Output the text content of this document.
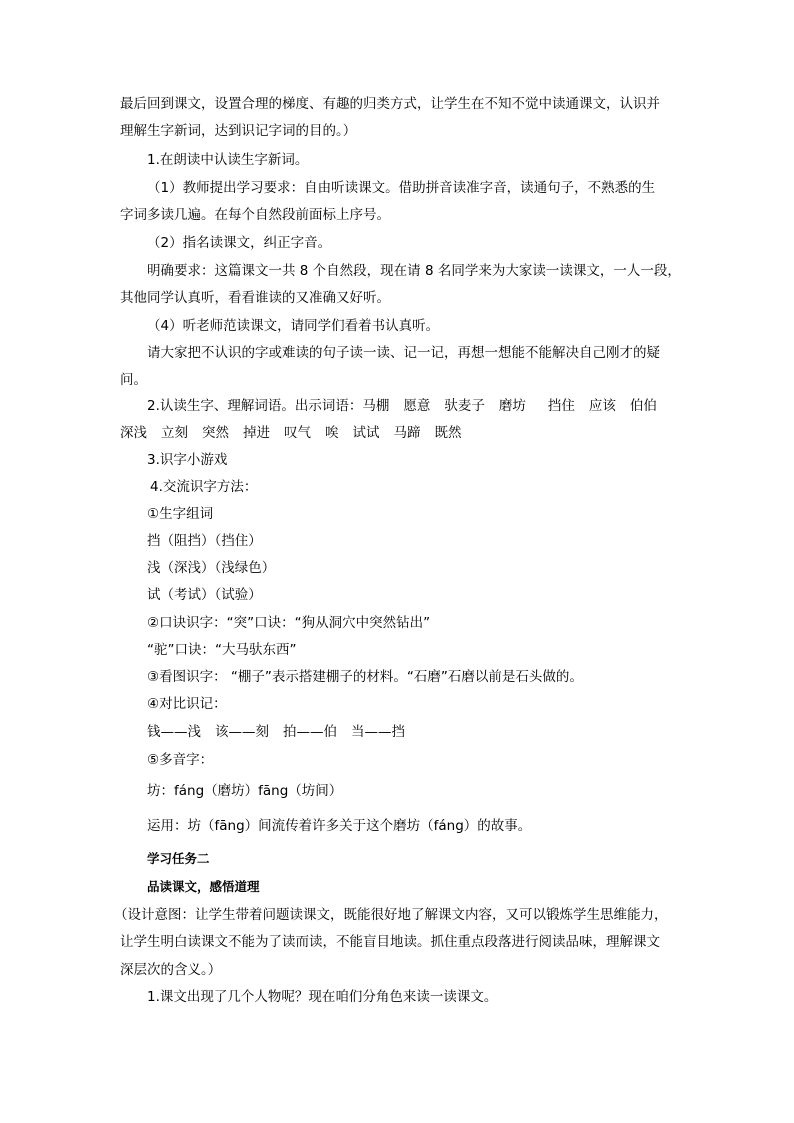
最后回到课文，设置合理的梯度、有趣的归类方式，让学生在不知不觉中读通课文，认识并
理解生字新词，达到识记字词的目的。）
1.在朗读中认读生字新词。
（1）教师提出学习要求：自由听读课文。借助拼音读准字音，读通句子，不熟悉的生
字词多读几遍。在每个自然段前面标上序号。
（2）指名读课文，纠正字音。
明确要求：这篇课文一共 8 个自然段，现在请 8 名同学来为大家读一读课文，一人一段，
其他同学认真听，看看谁读的又准确又好听。
（4）听老师范读课文，请同学们看着书认真听。
请大家把不认识的字或难读的句子读一读、记一记，再想一想能不能解决自己刚才的疑
问。
2.认读生字、理解词语。出示词语：马棚 愿意 驮麦子 磨坊 挡住 应该 伯伯
深浅 立刻 突然 掉进 叹气 唉 试试 马蹄 既然
3.识字小游戏
4.交流识字方法：
①生字组词
挡（阻挡）（挡住）
浅（深浅）（浅绿色）
试（考试）（试验）
②口诀识字：“突”口诀：“狗从洞穴中突然钻出”
“驼”口诀：“大马驮东西”
③看图识字： “棚子”表示搭建棚子的材料。“石磨”石磨以前是石头做的。
④对比识记：
钱——浅 该——刻 拍——伯 当——挡
⑤多音字：
坊：fáng（磨坊）fāng（坊间）
运用：坊（fāng）间流传着许多关于这个磨坊（fáng）的故事。
学习任务二
品读课文，感悟道理
（设计意图：让学生带着问题读课文，既能很好地了解课文内容，又可以锻炼学生思维能力，
让学生明白读课文不能为了读而读，不能盲目地读。抓住重点段落进行阅读品味，理解课文
深层次的含义。）
1.课文出现了几个人物呢？现在咱们分角色来读一读课文。
